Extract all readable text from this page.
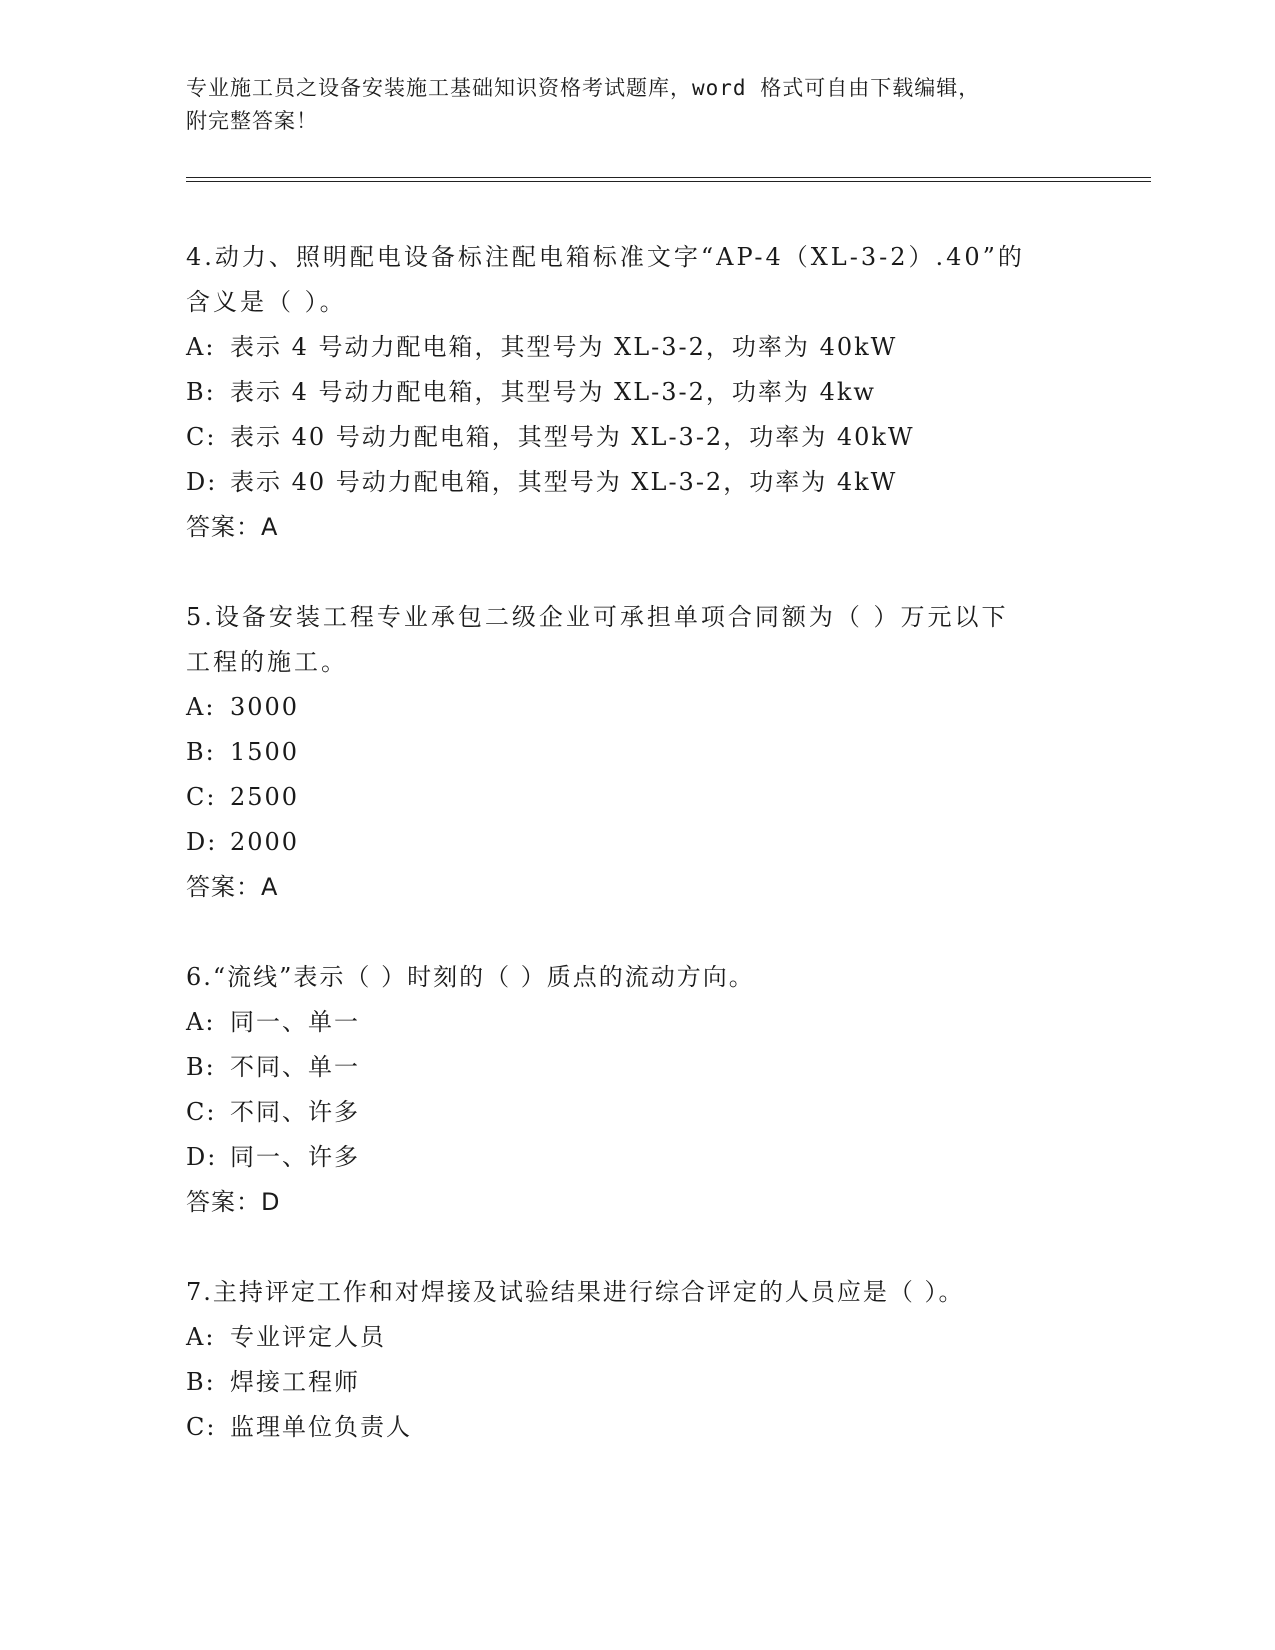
专业施工员之设备安装施工基础知识资格考试题库，word 格式可自由下载编辑，
附完整答案！

4.动力、照明配电设备标注配电箱标准文字“AP-4（XL-3-2）.40”的

含义是（ ）。

A: 表示 4 号动力配电箱，其型号为 XL-3-2，功率为 40kW
B: 表示 4 号动力配电箱，其型号为 XL-3-2，功率为 4kw
C: 表示 40 号动力配电箱，其型号为 XL-3-2，功率为 40kW
D: 表示 40 号动力配电箱，其型号为 XL-3-2，功率为 4kW

答案：A

5.设备安装工程专业承包二级企业可承担单项合同额为（ ）万元以下

工程的施工。

A: 3000
B: 1500
C: 2500
D: 2000

答案：A

6.“流线”表示（ ）时刻的（ ）质点的流动方向。

A: 同一、单一
B: 不同、单一
C: 不同、许多
D: 同一、许多

答案：D

7.主持评定工作和对焊接及试验结果进行综合评定的人员应是（ ）。

A: 专业评定人员
B: 焊接工程师
C: 监理单位负责人
